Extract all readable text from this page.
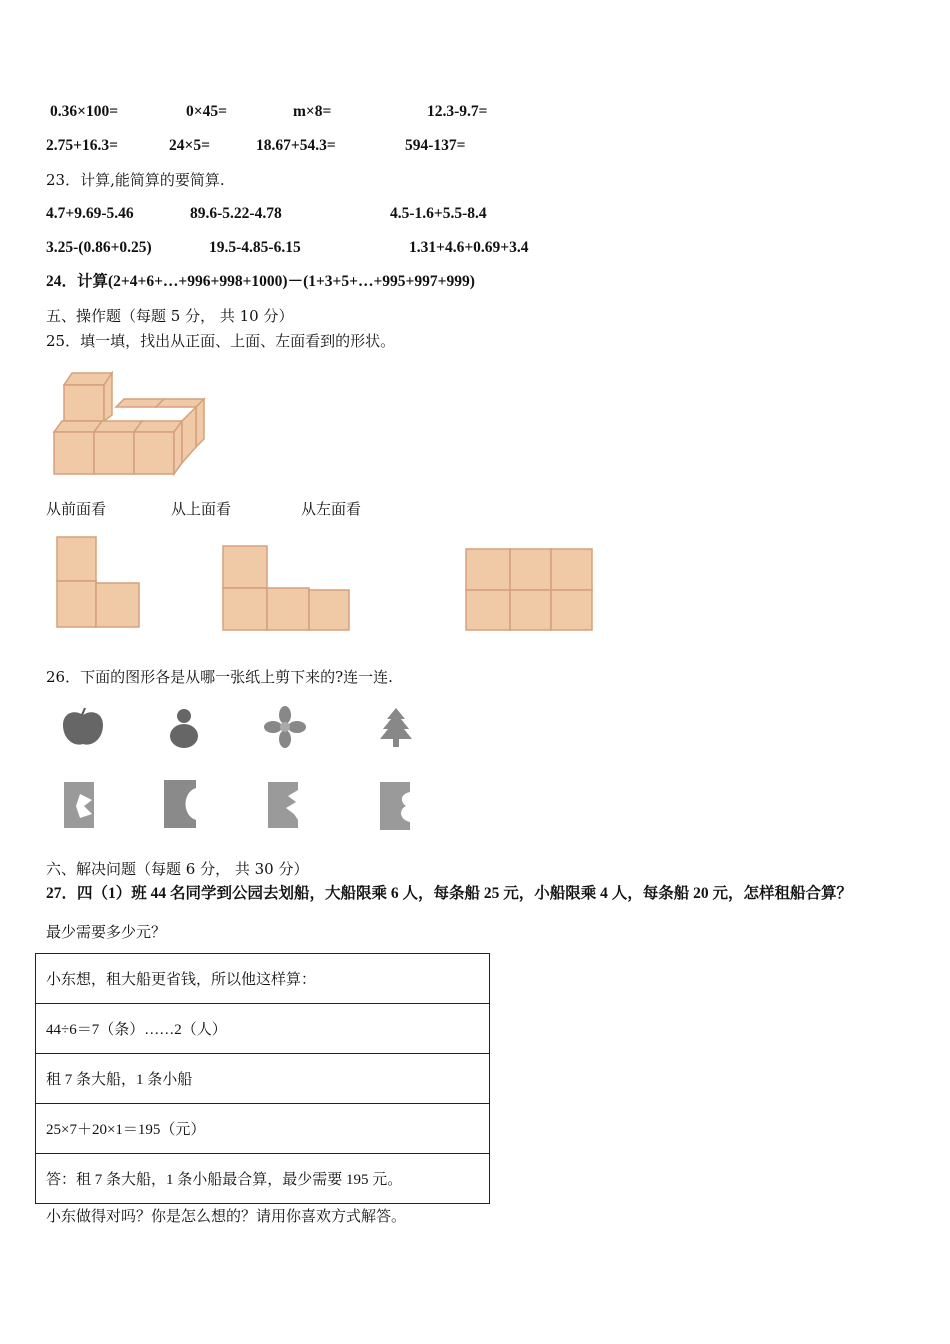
0.36×100=	0×45=	m×8=	12.3-9.7=
2.75+16.3=	24×5=	18.67+54.3=	594-137=
23．计算,能简算的要简算.
4.7+9.69-5.46	89.6-5.22-4.78	4.5-1.6+5.5-8.4
3.25-(0.86+0.25)	19.5-4.85-6.15	1.31+4.6+0.69+3.4
24．计算(2+4+6+…+996+998+1000)－(1+3+5+…+995+997+999)
五、操作题（每题 5 分， 共 10 分）
25．填一填，找出从正面、上面、左面看到的形状。
从前面看	从上面看	从左面看
26．下面的图形各是从哪一张纸上剪下来的?连一连.
六、解决问题（每题 6 分， 共 30 分）
27．四（1）班 44 名同学到公园去划船，大船限乘 6 人，每条船 25 元，小船限乘 4 人，每条船 20 元，怎样租船合算？
最少需要多少元？
小东想，租大船更省钱，所以他这样算：
44÷6＝7（条）……2（人）
租 7 条大船，1 条小船
25×7＋20×1＝195（元）
答：租 7 条大船，1 条小船最合算，最少需要 195 元。
小东做得对吗？你是怎么想的？请用你喜欢方式解答。
